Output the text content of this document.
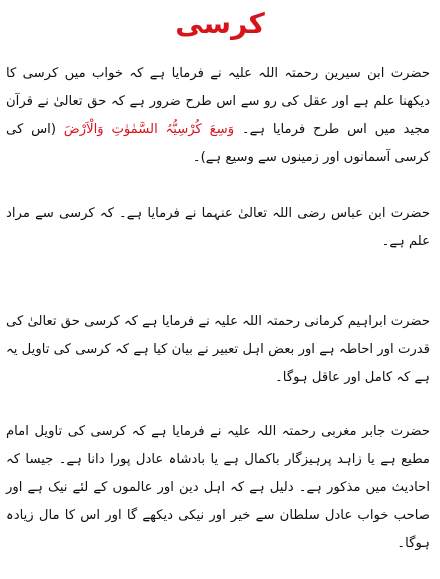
کرسی

حضرت ابن سیرین رحمتہ اللہ علیہ نے فرمایا ہے کہ خواب میں کرسی کا دیکھنا علم ہے اور عقل کی رو سے اس طرح ضرور ہے کہ حق تعالیٰ نے قرآن مجید میں اس طرح فرمایا ہے۔ وَسِعَ کُرْسِیُّہُ السَّمٰوٰتِ وَالْاَرْضَ (اس کی کرسی آسمانوں اور زمینوں سے وسیع ہے)۔

حضرت ابن عباس رضی اللہ تعالیٰ عنہما نے فرمایا ہے۔ کہ کرسی سے مراد علم ہے۔

حضرت ابراہیم کرمانی رحمتہ اللہ علیہ نے فرمایا ہے کہ کرسی حق تعالیٰ کی قدرت اور احاطہ ہے اور بعض اہل تعبیر نے بیان کیا ہے کہ کرسی کی تاویل یہ ہے کہ کامل اور عاقل ہوگا۔

حضرت جابر مغربی رحمتہ اللہ علیہ نے فرمایا ہے کہ کرسی کی تاویل امام مطیع ہے یا زاہد پرہیزگار باکمال ہے یا بادشاہ عادل پورا دانا ہے۔ جیسا کہ احادیث میں مذکور ہے۔ دلیل ہے کہ اہل دین اور عالموں کے لئے نیک ہے اور صاحب خواب عادل سلطان سے خیر اور نیکی دیکھے گا اور اس کا مال زیادہ ہوگا۔
